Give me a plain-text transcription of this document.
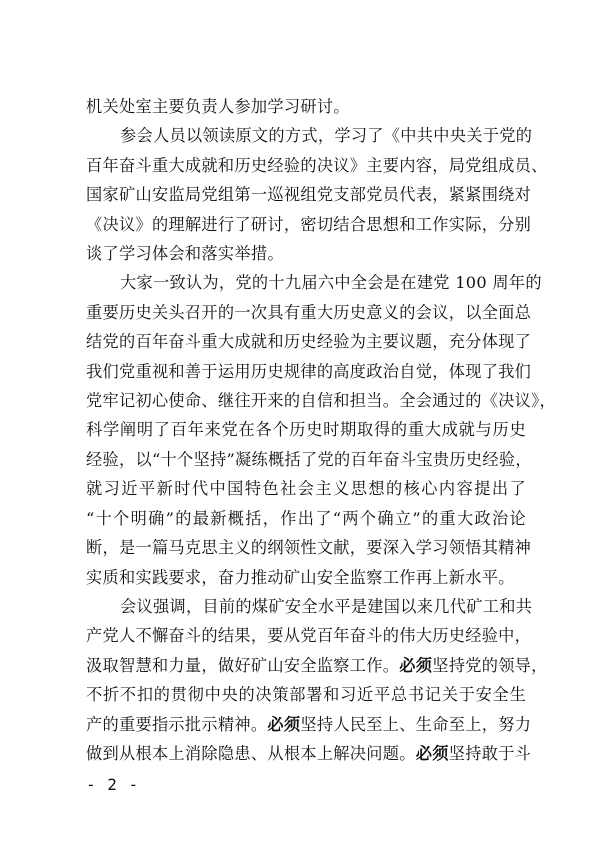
机关处室主要负责人参加学习研讨。

参会人员以领读原文的方式，学习了《中共中央关于党的
百年奋斗重大成就和历史经验的决议》主要内容，局党组成员、
国家矿山安监局党组第一巡视组党支部党员代表，紧紧围绕对
《决议》的理解进行了研讨，密切结合思想和工作实际，分别
谈了学习体会和落实举措。

大家一致认为，党的十九届六中全会是在建党 100 周年的
重要历史关头召开的一次具有重大历史意义的会议，以全面总
结党的百年奋斗重大成就和历史经验为主要议题，充分体现了
我们党重视和善于运用历史规律的高度政治自觉，体现了我们
党牢记初心使命、继往开来的自信和担当。全会通过的《决议》，
科学阐明了百年来党在各个历史时期取得的重大成就与历史
经验，以“十个坚持”凝练概括了党的百年奋斗宝贵历史经验，
就习近平新时代中国特色社会主义思想的核心内容提出了
“十个明确”的最新概括，作出了“两个确立”的重大政治论
断，是一篇马克思主义的纲领性文献，要深入学习领悟其精神
实质和实践要求，奋力推动矿山安全监察工作再上新水平。

会议强调，目前的煤矿安全水平是建国以来几代矿工和共
产党人不懈奋斗的结果，要从党百年奋斗的伟大历史经验中，
汲取智慧和力量，做好矿山安全监察工作。必须坚持党的领导，
不折不扣的贯彻中央的决策部署和习近平总书记关于安全生
产的重要指示批示精神。必须坚持人民至上、生命至上，努力
做到从根本上消除隐患、从根本上解决问题。必须坚持敢于斗

- 2 -
